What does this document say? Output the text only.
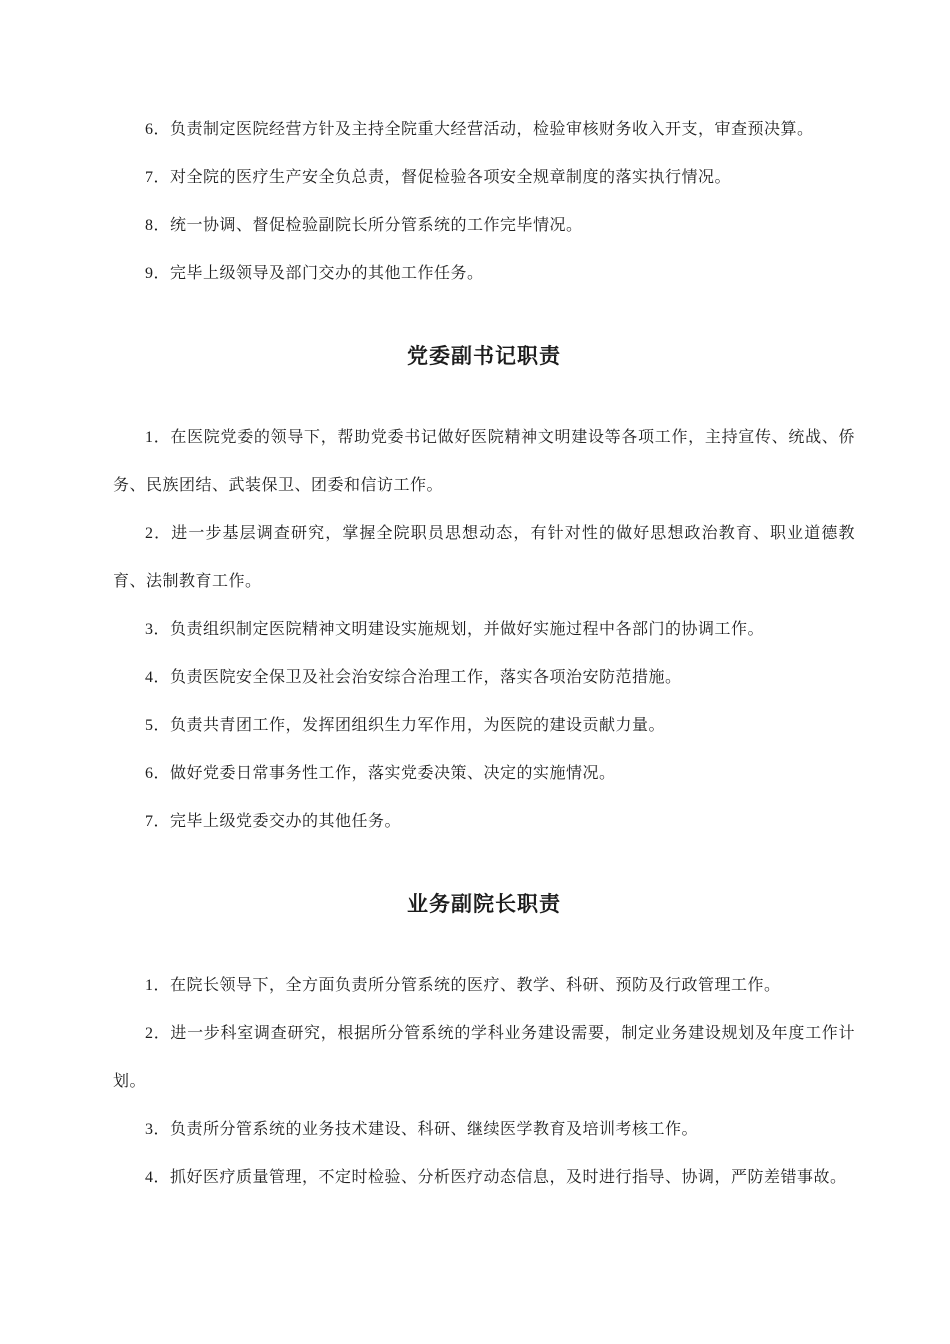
6．负责制定医院经营方针及主持全院重大经营活动，检验审核财务收入开支，审查预决算。

7．对全院的医疗生产安全负总责，督促检验各项安全规章制度的落实执行情况。

8．统一协调、督促检验副院长所分管系统的工作完毕情况。

9．完毕上级领导及部门交办的其他工作任务。

党委副书记职责

1．在医院党委的领导下，帮助党委书记做好医院精神文明建设等各项工作，主持宣传、统战、侨务、民族团结、武装保卫、团委和信访工作。

2．进一步基层调查研究，掌握全院职员思想动态，有针对性的做好思想政治教育、职业道德教育、法制教育工作。

3．负责组织制定医院精神文明建设实施规划，并做好实施过程中各部门的协调工作。

4．负责医院安全保卫及社会治安综合治理工作，落实各项治安防范措施。

5．负责共青团工作，发挥团组织生力军作用，为医院的建设贡献力量。

6．做好党委日常事务性工作，落实党委决策、决定的实施情况。

7．完毕上级党委交办的其他任务。

业务副院长职责

1．在院长领导下，全方面负责所分管系统的医疗、教学、科研、预防及行政管理工作。

2．进一步科室调查研究，根据所分管系统的学科业务建设需要，制定业务建设规划及年度工作计划。

3．负责所分管系统的业务技术建设、科研、继续医学教育及培训考核工作。

4．抓好医疗质量管理，不定时检验、分析医疗动态信息，及时进行指导、协调，严防差错事故。
